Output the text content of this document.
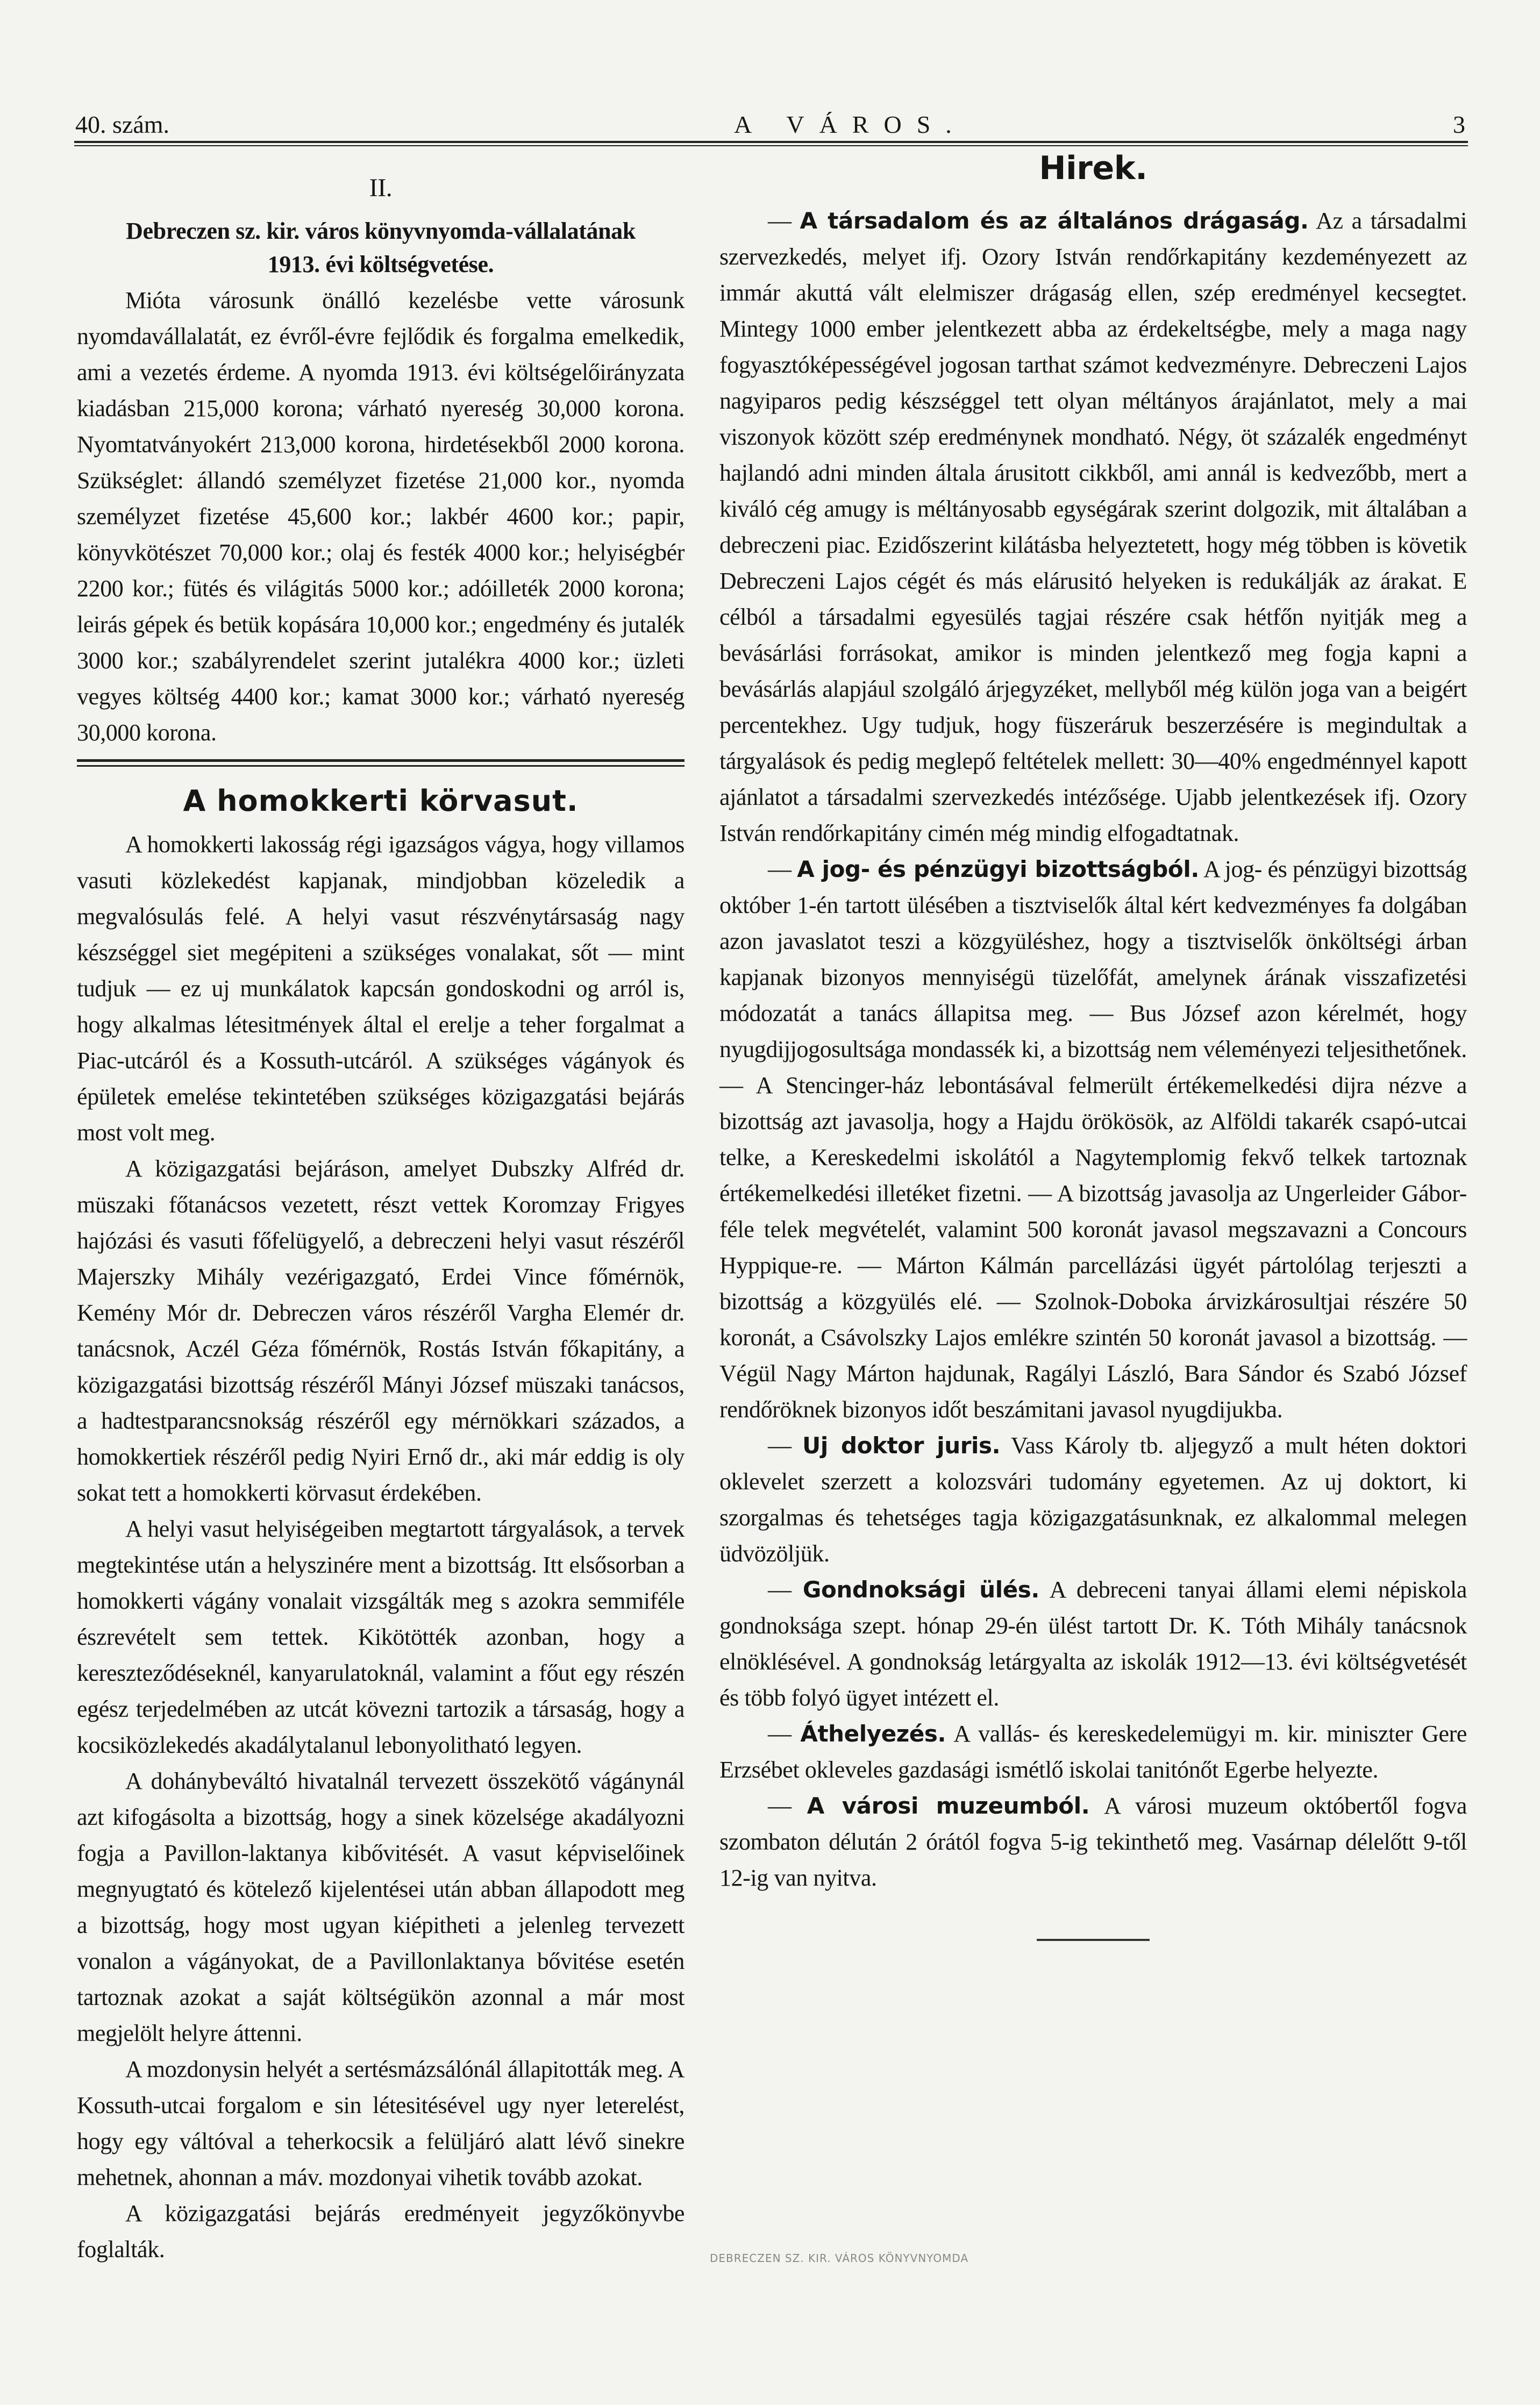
40. szám.	A VÁROS.	3
II.
Debreczen sz. kir. város könyvnyomda-vállalatának
1913. évi költségvetése.

Mióta városunk önálló kezelésbe vette városunk nyomdavállalatát, ez évről-évre fejlődik és forgalma emelkedik, ami a vezetés érdeme. A nyomda 1913. évi költségelőirányzata kiadásban 215,000 korona; várható nyereség 30,000 korona. Nyomtatványokért 213,000 korona, hirdetésekből 2000 korona. Szükséglet: állandó személyzet fizetése 21,000 kor., nyomda személyzet fizetése 45,600 kor.; lakbér 4600 kor.; papir, könyvkötészet 70,000 kor.; olaj és festék 4000 kor.; helyiségbér 2200 kor.; fütés és világitás 5000 kor.; adóilleték 2000 korona; leirás gépek és betük kopására 10,000 kor.; engedmény és jutalék 3000 kor.; szabályrendelet szerint jutalékra 4000 kor.; üzleti vegyes költség 4400 kor.; kamat 3000 kor.; várható nyereség 30,000 korona.

A homokkerti körvasut.

A homokkerti lakosság régi igazságos vágya, hogy villamos vasuti közlekedést kapjanak, mindjobban közeledik a megvalósulás felé. A helyi vasut részvénytársaság nagy készséggel siet megépiteni a szükséges vonalakat, sőt — mint tudjuk — ez uj munkálatok kapcsán gondoskodni og arról is, hogy alkalmas létesitmények által el erelje a teher forgalmat a Piac-utcáról és a Kossuth-utcáról. A szükséges vágányok és épületek emelése tekintetében szükséges közigazgatási bejárás most volt meg.

A közigazgatási bejáráson, amelyet Dubszky Alfréd dr. müszaki főtanácsos vezetett, részt vettek Koromzay Frigyes hajózási és vasuti főfelügyelő, a debreczeni helyi vasut részéről Majerszky Mihály vezérigazgató, Erdei Vince főmérnök, Kemény Mór dr. Debreczen város részéről Vargha Elemér dr. tanácsnok, Aczél Géza főmérnök, Rostás István főkapitány, a közigazgatási bizottság részéről Mányi József müszaki tanácsos, a hadtestparancsnokság részéről egy mérnökkari százados, a homokkertiek részéről pedig Nyiri Ernő dr., aki már eddig is oly sokat tett a homokkerti körvasut érdekében.

A helyi vasut helyiségeiben megtartott tárgyalások, a tervek megtekintése után a helyszinére ment a bizottság. Itt elsősorban a homokkerti vágány vonalait vizsgálták meg s azokra semmiféle észrevételt sem tettek. Kikötötték azonban, hogy a kereszteződéseknél, kanyarulatoknál, valamint a főut egy részén egész terjedelmében az utcát kövezni tartozik a társaság, hogy a kocsiközlekedés akadálytalanul lebonyolitható legyen.

A dohánybeváltó hivatalnál tervezett összekötő vágánynál azt kifogásolta a bizottság, hogy a sinek közelsége akadályozni fogja a Pavillon-laktanya kibővitését. A vasut képviselőinek megnyugtató és kötelező kijelentései után abban állapodott meg a bizottság, hogy most ugyan kiépitheti a jelenleg tervezett vonalon a vágányokat, de a Pavillonlaktanya bővitése esetén tartoznak azokat a saját költségükön azonnal a már most megjelölt helyre áttenni.

A mozdonysin helyét a sertésmázsálónál állapitották meg. A Kossuth-utcai forgalom e sin létesitésével ugy nyer leterelést, hogy egy váltóval a teherkocsik a felüljáró alatt lévő sinekre mehetnek, ahonnan a máv. mozdonyai vihetik tovább azokat.

A közigazgatási bejárás eredményeit jegyzőkönyvbe foglalták.

Hirek.

— A társadalom és az általános drágaság. Az a társadalmi szervezkedés, melyet ifj. Ozory István rendőrkapitány kezdeményezett az immár akuttá vált elelmiszer drágaság ellen, szép eredményel kecsegtet. Mintegy 1000 ember jelentkezett abba az érdekeltségbe, mely a maga nagy fogyasztóképességével jogosan tarthat számot kedvezményre. Debreczeni Lajos nagyiparos pedig készséggel tett olyan méltányos árajánlatot, mely a mai viszonyok között szép eredménynek mondható. Négy, öt százalék engedményt hajlandó adni minden általa árusitott cikkből, ami annál is kedvezőbb, mert a kiváló cég amugy is méltányosabb egységárak szerint dolgozik, mit általában a debreczeni piac. Ezidőszerint kilátásba helyeztetett, hogy még többen is követik Debreczeni Lajos cégét és más elárusitó helyeken is redukálják az árakat. E célból a társadalmi egyesülés tagjai részére csak hétfőn nyitják meg a bevásárlási forrásokat, amikor is minden jelentkező meg fogja kapni a bevásárlás alapjául szolgáló árjegyzéket, mellyből még külön joga van a beigért percentekhez. Ugy tudjuk, hogy füszeráruk beszerzésére is megindultak a tárgyalások és pedig meglepő feltételek mellett: 30—40% engedménnyel kapott ajánlatot a társadalmi szervezkedés intézősége. Ujabb jelentkezések ifj. Ozory István rendőrkapitány cimén még mindig elfogadtatnak.

— A jog- és pénzügyi bizottságból. A jog- és pénzügyi bizottság október 1-én tartott ülésében a tisztviselők által kért kedvezményes fa dolgában azon javaslatot teszi a közgyüléshez, hogy a tisztviselők önköltségi árban kapjanak bizonyos mennyiségü tüzelőfát, amelynek árának visszafizetési módozatát a tanács állapitsa meg. — Bus József azon kérelmét, hogy nyugdijjogosultsága mondassék ki, a bizottság nem véleményezi teljesithetőnek. — A Stencinger-ház lebontásával felmerült értékemelkedési dijra nézve a bizottság azt javasolja, hogy a Hajdu örökösök, az Alföldi takarék csapó-utcai telke, a Kereskedelmi iskolától a Nagytemplomig fekvő telkek tartoznak értékemelkedési illetéket fizetni. — A bizottság javasolja az Ungerleider Gábor-féle telek megvételét, valamint 500 koronát javasol megszavazni a Concours Hyppique-re. — Márton Kálmán parcellázási ügyét pártolólag terjeszti a bizottság a közgyülés elé. — Szolnok-Doboka árvizkárosultjai részére 50 koronát, a Csávolszky Lajos emlékre szintén 50 koronát javasol a bizottság. — Végül Nagy Márton hajdunak, Ragályi László, Bara Sándor és Szabó József rendőröknek bizonyos időt beszámitani javasol nyugdijukba.

— Uj doktor juris. Vass Károly tb. aljegyző a mult héten doktori oklevelet szerzett a kolozsvári tudomány egyetemen. Az uj doktort, ki szorgalmas és tehetséges tagja közigazgatásunknak, ez alkalommal melegen üdvözöljük.

— Gondnoksági ülés. A debreceni tanyai állami elemi népiskola gondnoksága szept. hónap 29-én ülést tartott Dr. K. Tóth Mihály tanácsnok elnöklésével. A gondnokság letárgyalta az iskolák 1912—13. évi költségvetését és több folyó ügyet intézett el.

— Áthelyezés. A vallás- és kereskedelemügyi m. kir. miniszter Gere Erzsébet okleveles gazdasági ismétlő iskolai tanitónőt Egerbe helyezte.

— A városi muzeumból. A városi muzeum októbertől fogva szombaton délután 2 órától fogva 5-ig tekinthető meg. Vasárnap délelőtt 9-től 12-ig van nyitva.

DEBRECZEN SZ. KIR. VÁROS KÖNYVNYOMDA
